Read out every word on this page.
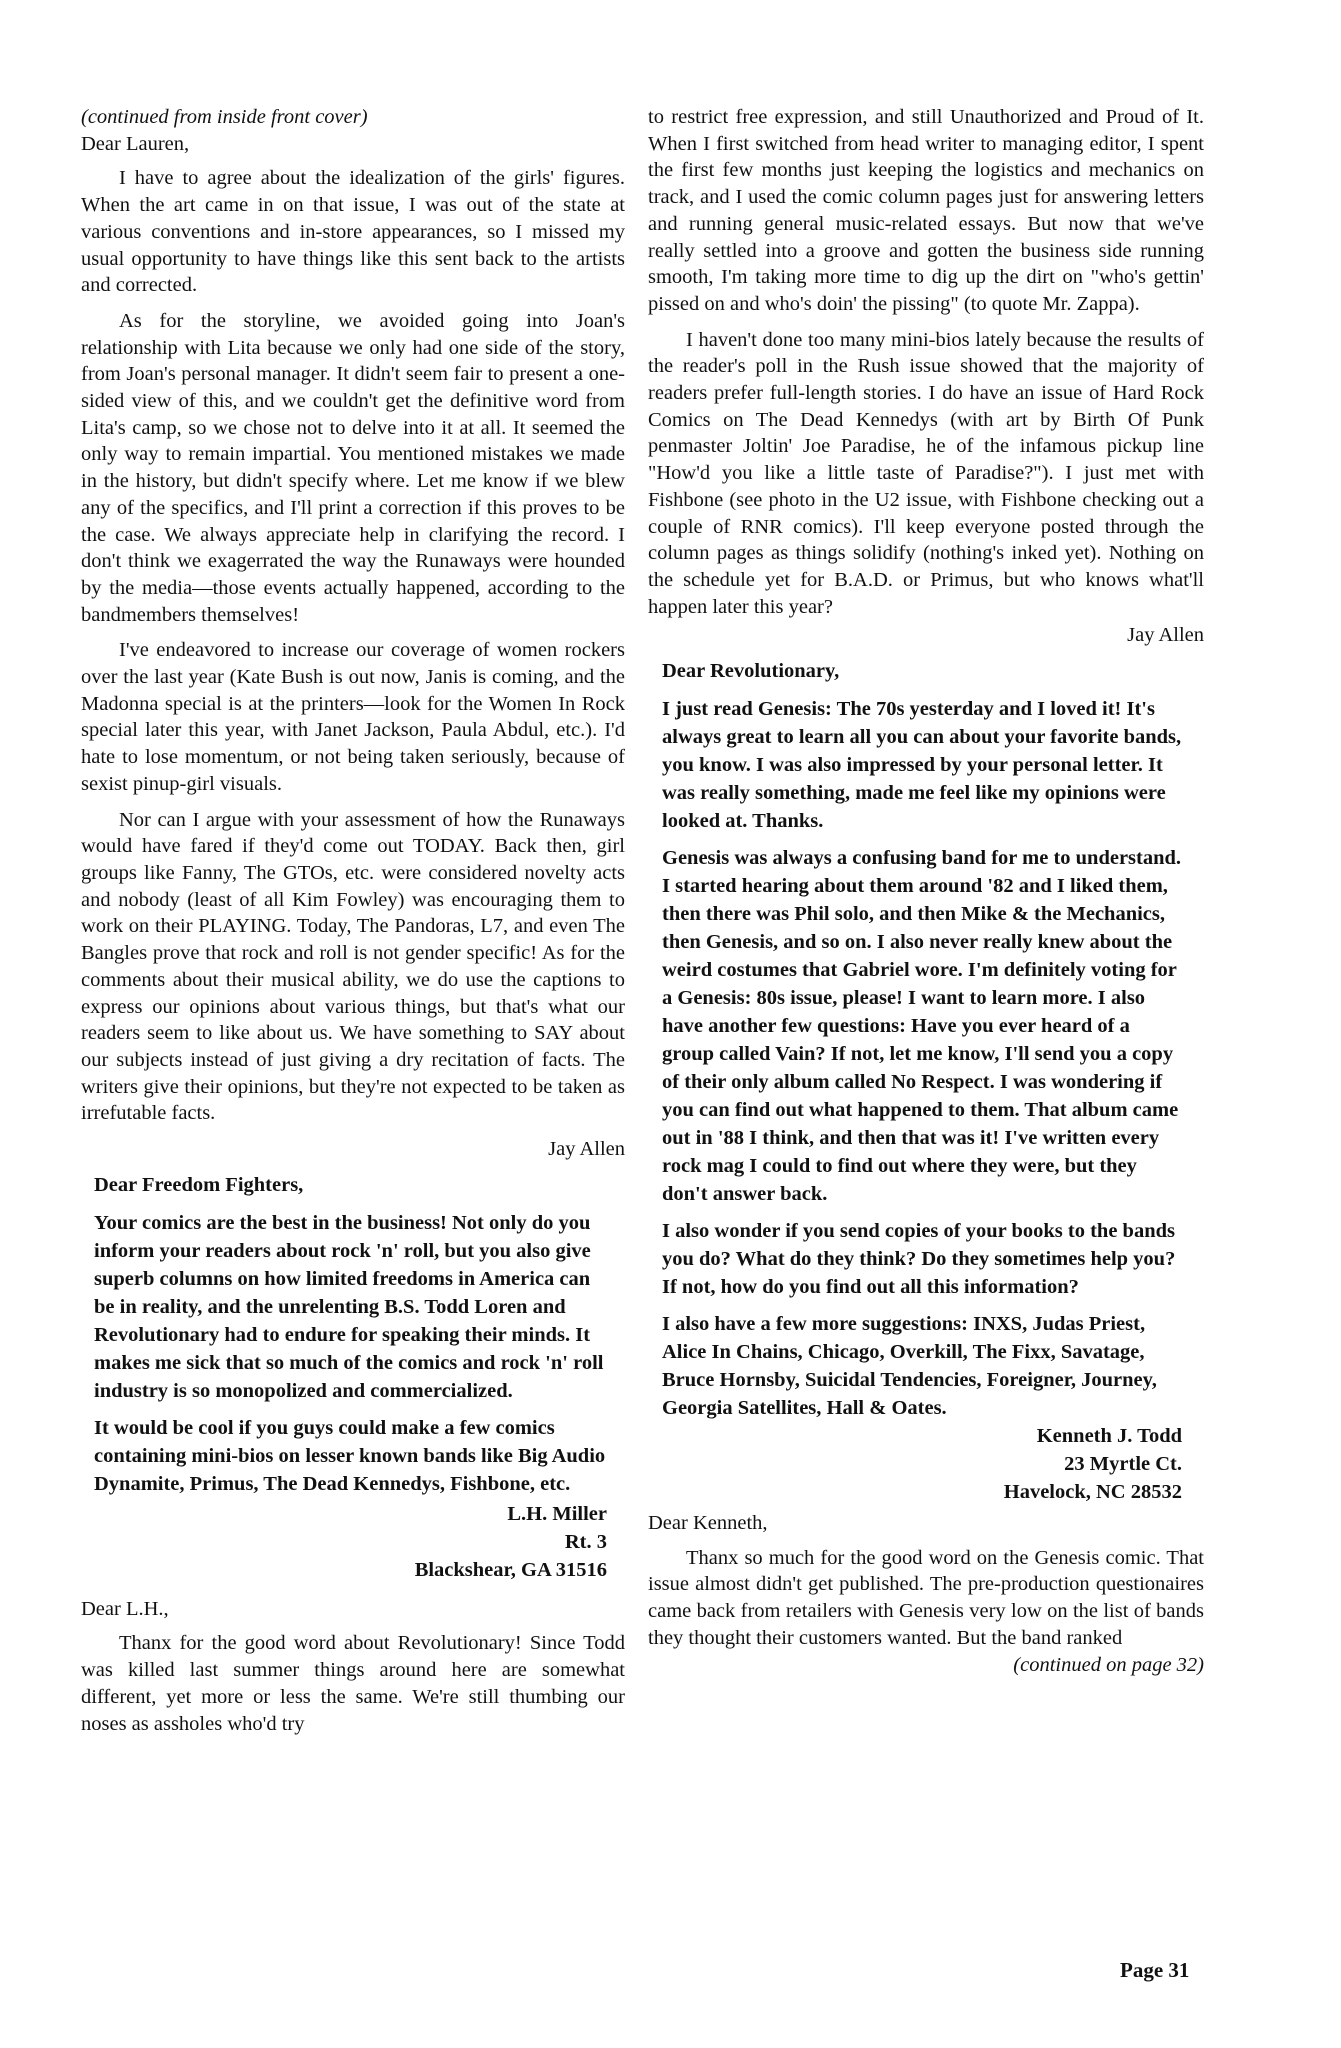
(continued from inside front cover)
Dear Lauren,

I have to agree about the idealization of the girls' figures. When the art came in on that issue, I was out of the state at various conventions and in-store appearances, so I missed my usual opportunity to have things like this sent back to the artists and corrected.

As for the storyline, we avoided going into Joan's relationship with Lita because we only had one side of the story, from Joan's personal manager. It didn't seem fair to present a one-sided view of this, and we couldn't get the definitive word from Lita's camp, so we chose not to delve into it at all. It seemed the only way to remain impartial. You mentioned mistakes we made in the history, but didn't specify where. Let me know if we blew any of the specifics, and I'll print a correction if this proves to be the case. We always appreciate help in clarifying the record. I don't think we exagerrated the way the Runaways were hounded by the media—those events actually happened, according to the bandmembers themselves!

I've endeavored to increase our coverage of women rockers over the last year (Kate Bush is out now, Janis is coming, and the Madonna special is at the printers—look for the Women In Rock special later this year, with Janet Jackson, Paula Abdul, etc.). I'd hate to lose momentum, or not being taken seriously, because of sexist pinup-girl visuals.

Nor can I argue with your assessment of how the Runaways would have fared if they'd come out TODAY. Back then, girl groups like Fanny, The GTOs, etc. were considered novelty acts and nobody (least of all Kim Fowley) was encouraging them to work on their PLAYING. Today, The Pandoras, L7, and even The Bangles prove that rock and roll is not gender specific! As for the comments about their musical ability, we do use the captions to express our opinions about various things, but that's what our readers seem to like about us. We have something to SAY about our subjects instead of just giving a dry recitation of facts. The writers give their opinions, but they're not expected to be taken as irrefutable facts.

Jay Allen
Dear Freedom Fighters,

Your comics are the best in the business! Not only do you inform your readers about rock 'n' roll, but you also give superb columns on how limited freedoms in America can be in reality, and the unrelenting B.S. Todd Loren and Revolutionary had to endure for speaking their minds. It makes me sick that so much of the comics and rock 'n' roll industry is so monopolized and commercialized.

It would be cool if you guys could make a few comics containing mini-bios on lesser known bands like Big Audio Dynamite, Primus, The Dead Kennedys, Fishbone, etc.

L.H. Miller
Rt. 3
Blackshear, GA 31516
Dear L.H.,

Thanx for the good word about Revolutionary! Since Todd was killed last summer things around here are somewhat different, yet more or less the same. We're still thumbing our noses as assholes who'd try

to restrict free expression, and still Unauthorized and Proud of It. When I first switched from head writer to managing editor, I spent the first few months just keeping the logistics and mechanics on track, and I used the comic column pages just for answering letters and running general music-related essays. But now that we've really settled into a groove and gotten the business side running smooth, I'm taking more time to dig up the dirt on "who's gettin' pissed on and who's doin' the pissing" (to quote Mr. Zappa).

I haven't done too many mini-bios lately because the results of the reader's poll in the Rush issue showed that the majority of readers prefer full-length stories. I do have an issue of Hard Rock Comics on The Dead Kennedys (with art by Birth Of Punk penmaster Joltin' Joe Paradise, he of the infamous pickup line "How'd you like a little taste of Paradise?"). I just met with Fishbone (see photo in the U2 issue, with Fishbone checking out a couple of RNR comics). I'll keep everyone posted through the column pages as things solidify (nothing's inked yet). Nothing on the schedule yet for B.A.D. or Primus, but who knows what'll happen later this year?

Jay Allen
Dear Revolutionary,

I just read Genesis: The 70s yesterday and I loved it! It's always great to learn all you can about your favorite bands, you know. I was also impressed by your personal letter. It was really something, made me feel like my opinions were looked at. Thanks.

Genesis was always a confusing band for me to understand. I started hearing about them around '82 and I liked them, then there was Phil solo, and then Mike & the Mechanics, then Genesis, and so on. I also never really knew about the weird costumes that Gabriel wore. I'm definitely voting for a Genesis: 80s issue, please! I want to learn more. I also have another few questions: Have you ever heard of a group called Vain? If not, let me know, I'll send you a copy of their only album called No Respect. I was wondering if you can find out what happened to them. That album came out in '88 I think, and then that was it! I've written every rock mag I could to find out where they were, but they don't answer back.

I also wonder if you send copies of your books to the bands you do? What do they think? Do they sometimes help you? If not, how do you find out all this information?

I also have a few more suggestions: INXS, Judas Priest, Alice In Chains, Chicago, Overkill, The Fixx, Savatage, Bruce Hornsby, Suicidal Tendencies, Foreigner, Journey, Georgia Satellites, Hall & Oates.

Kenneth J. Todd
23 Myrtle Ct.
Havelock, NC 28532
Dear Kenneth,

Thanx so much for the good word on the Genesis comic. That issue almost didn't get published. The pre-production questionaires came back from retailers with Genesis very low on the list of bands they thought their customers wanted. But the band ranked

(continued on page 32)
Page 31
